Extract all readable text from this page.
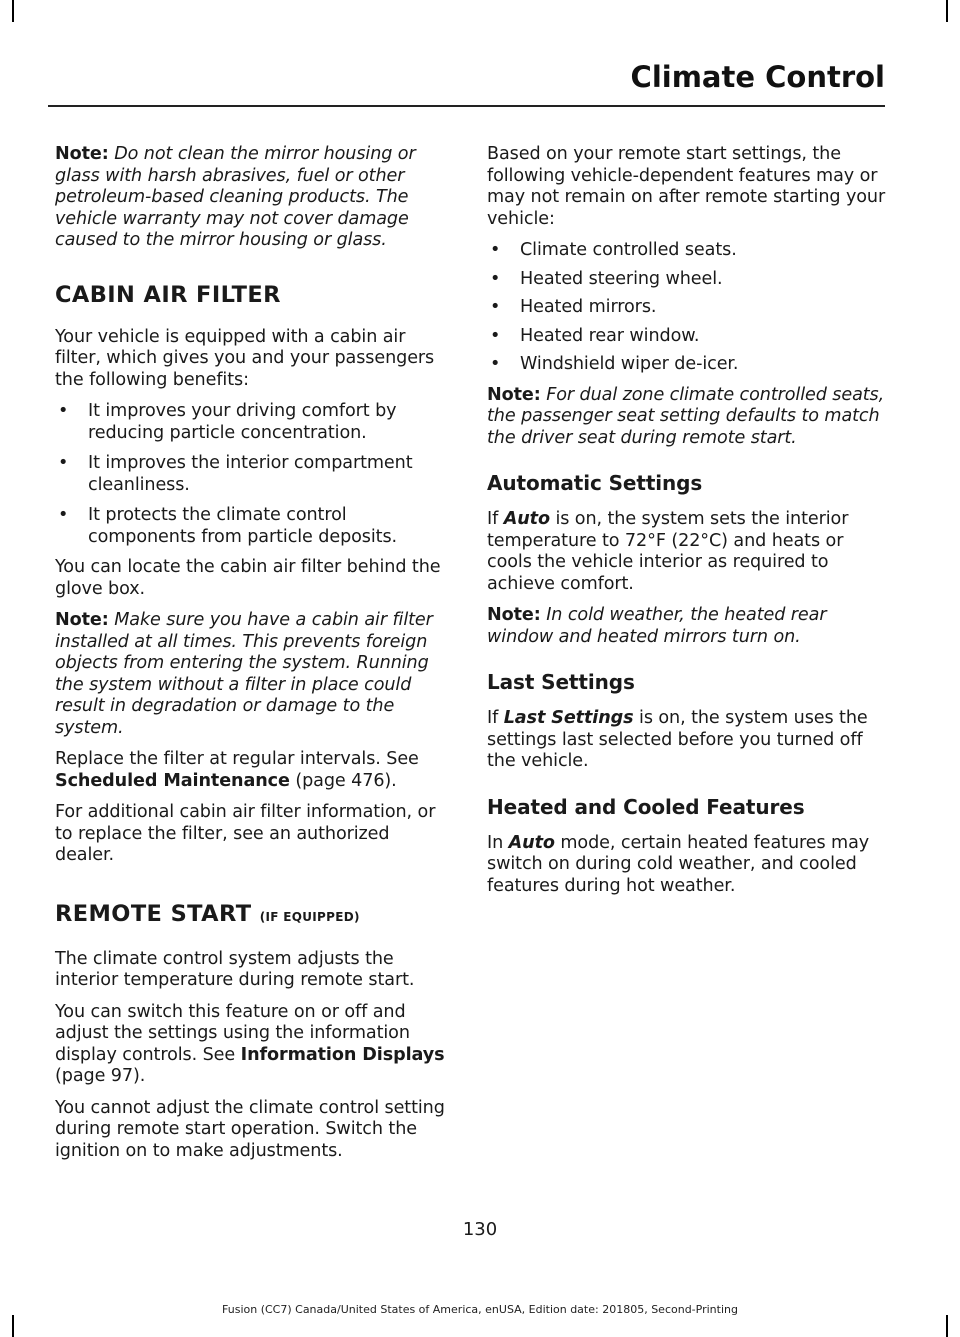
Climate Control

Note: Do not clean the mirror housing or glass with harsh abrasives, fuel or other petroleum-based cleaning products. The vehicle warranty may not cover damage caused to the mirror housing or glass.

CABIN AIR FILTER

Your vehicle is equipped with a cabin air filter, which gives you and your passengers the following benefits:

•	It improves your driving comfort by reducing particle concentration.
•	It improves the interior compartment cleanliness.
•	It protects the climate control components from particle deposits.

You can locate the cabin air filter behind the glove box.

Note: Make sure you have a cabin air filter installed at all times. This prevents foreign objects from entering the system. Running the system without a filter in place could result in degradation or damage to the system.

Replace the filter at regular intervals. See Scheduled Maintenance (page 476).

For additional cabin air filter information, or to replace the filter, see an authorized dealer.

REMOTE START (IF EQUIPPED)

The climate control system adjusts the interior temperature during remote start.

You can switch this feature on or off and adjust the settings using the information display controls. See Information Displays (page 97).

You cannot adjust the climate control setting during remote start operation. Switch the ignition on to make adjustments.

Based on your remote start settings, the following vehicle-dependent features may or may not remain on after remote starting your vehicle:

•	Climate controlled seats.
•	Heated steering wheel.
•	Heated mirrors.
•	Heated rear window.
•	Windshield wiper de-icer.

Note: For dual zone climate controlled seats, the passenger seat setting defaults to match the driver seat during remote start.

Automatic Settings

If Auto is on, the system sets the interior temperature to 72°F (22°C) and heats or cools the vehicle interior as required to achieve comfort.

Note: In cold weather, the heated rear window and heated mirrors turn on.

Last Settings

If Last Settings is on, the system uses the settings last selected before you turned off the vehicle.

Heated and Cooled Features

In Auto mode, certain heated features may switch on during cold weather, and cooled features during hot weather.

130
Fusion (CC7) Canada/United States of America, enUSA, Edition date: 201805, Second-Printing
